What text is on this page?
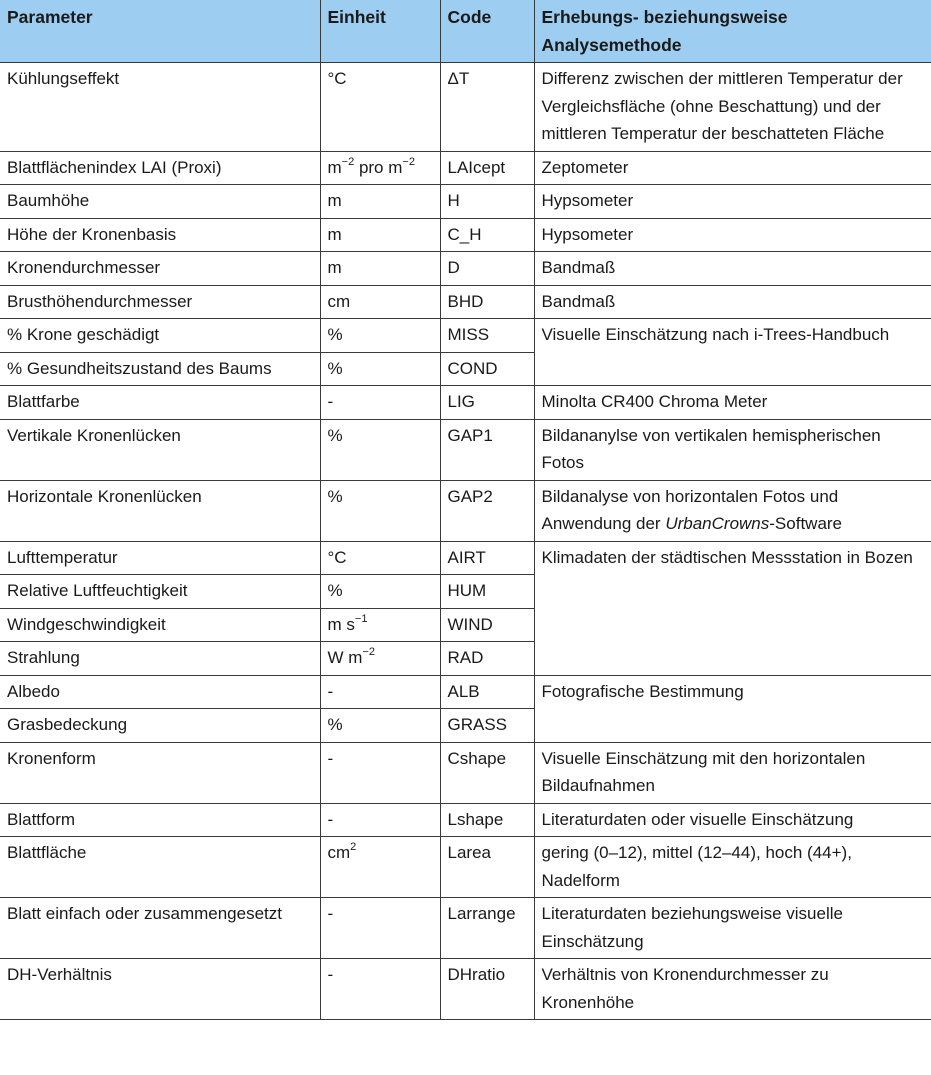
Parameter	Einheit	Code	Erhebungs- beziehungsweise Analysemethode
Kühlungseffekt	°C	ΔT	Differenz zwischen der mittleren Temperatur der Vergleichsfläche (ohne Beschattung) und der mittleren Temperatur der beschatteten Fläche
Blattflächenindex LAI (Proxi)	$m^{-2}$ pro $m^{-2}$	LAIcept	Zeptometer
Baumhöhe	m	H	Hypsometer
Höhe der Kronenbasis	m	C_H	Hypsometer
Kronendurchmesser	m	D	Bandmaß
Brusthöhendurchmesser	cm	BHD	Bandmaß
% Krone geschädigt	%	MISS	Visuelle Einschätzung nach i-Trees-Handbuch
% Gesundheitszustand des Baums	%	COND	
Blattfarbe	-	LIG	Minolta CR400 Chroma Meter
Vertikale Kronenlücken	%	GAP1	Bildananylse von vertikalen hemispherischen Fotos
Horizontale Kronenlücken	%	GAP2	Bildanalyse von horizontalen Fotos und Anwendung der UrbanCrowns-Software
Lufttemperatur	°C	AIRT	Klimadaten der städtischen Messstation in Bozen
Relative Luftfeuchtigkeit	%	HUM	
Windgeschwindigkeit	m $s^{-1}$	WIND	
Strahlung	W $m^{-2}$	RAD	
Albedo	-	ALB	Fotografische Bestimmung
Grasbedeckung	%	GRASS	
Kronenform	-	Cshape	Visuelle Einschätzung mit den horizontalen Bildaufnahmen
Blattform	-	Lshape	Literaturdaten oder visuelle Einschätzung
Blattfläche	$cm^2$	Larea	gering (0–12), mittel (12–44), hoch (44+), Nadelform
Blatt einfach oder zusammengesetzt	-	Larrange	Literaturdaten beziehungsweise visuelle Einschätzung
DH-Verhältnis	-	DHratio	Verhältnis von Kronendurchmesser zu Kronenhöhe
